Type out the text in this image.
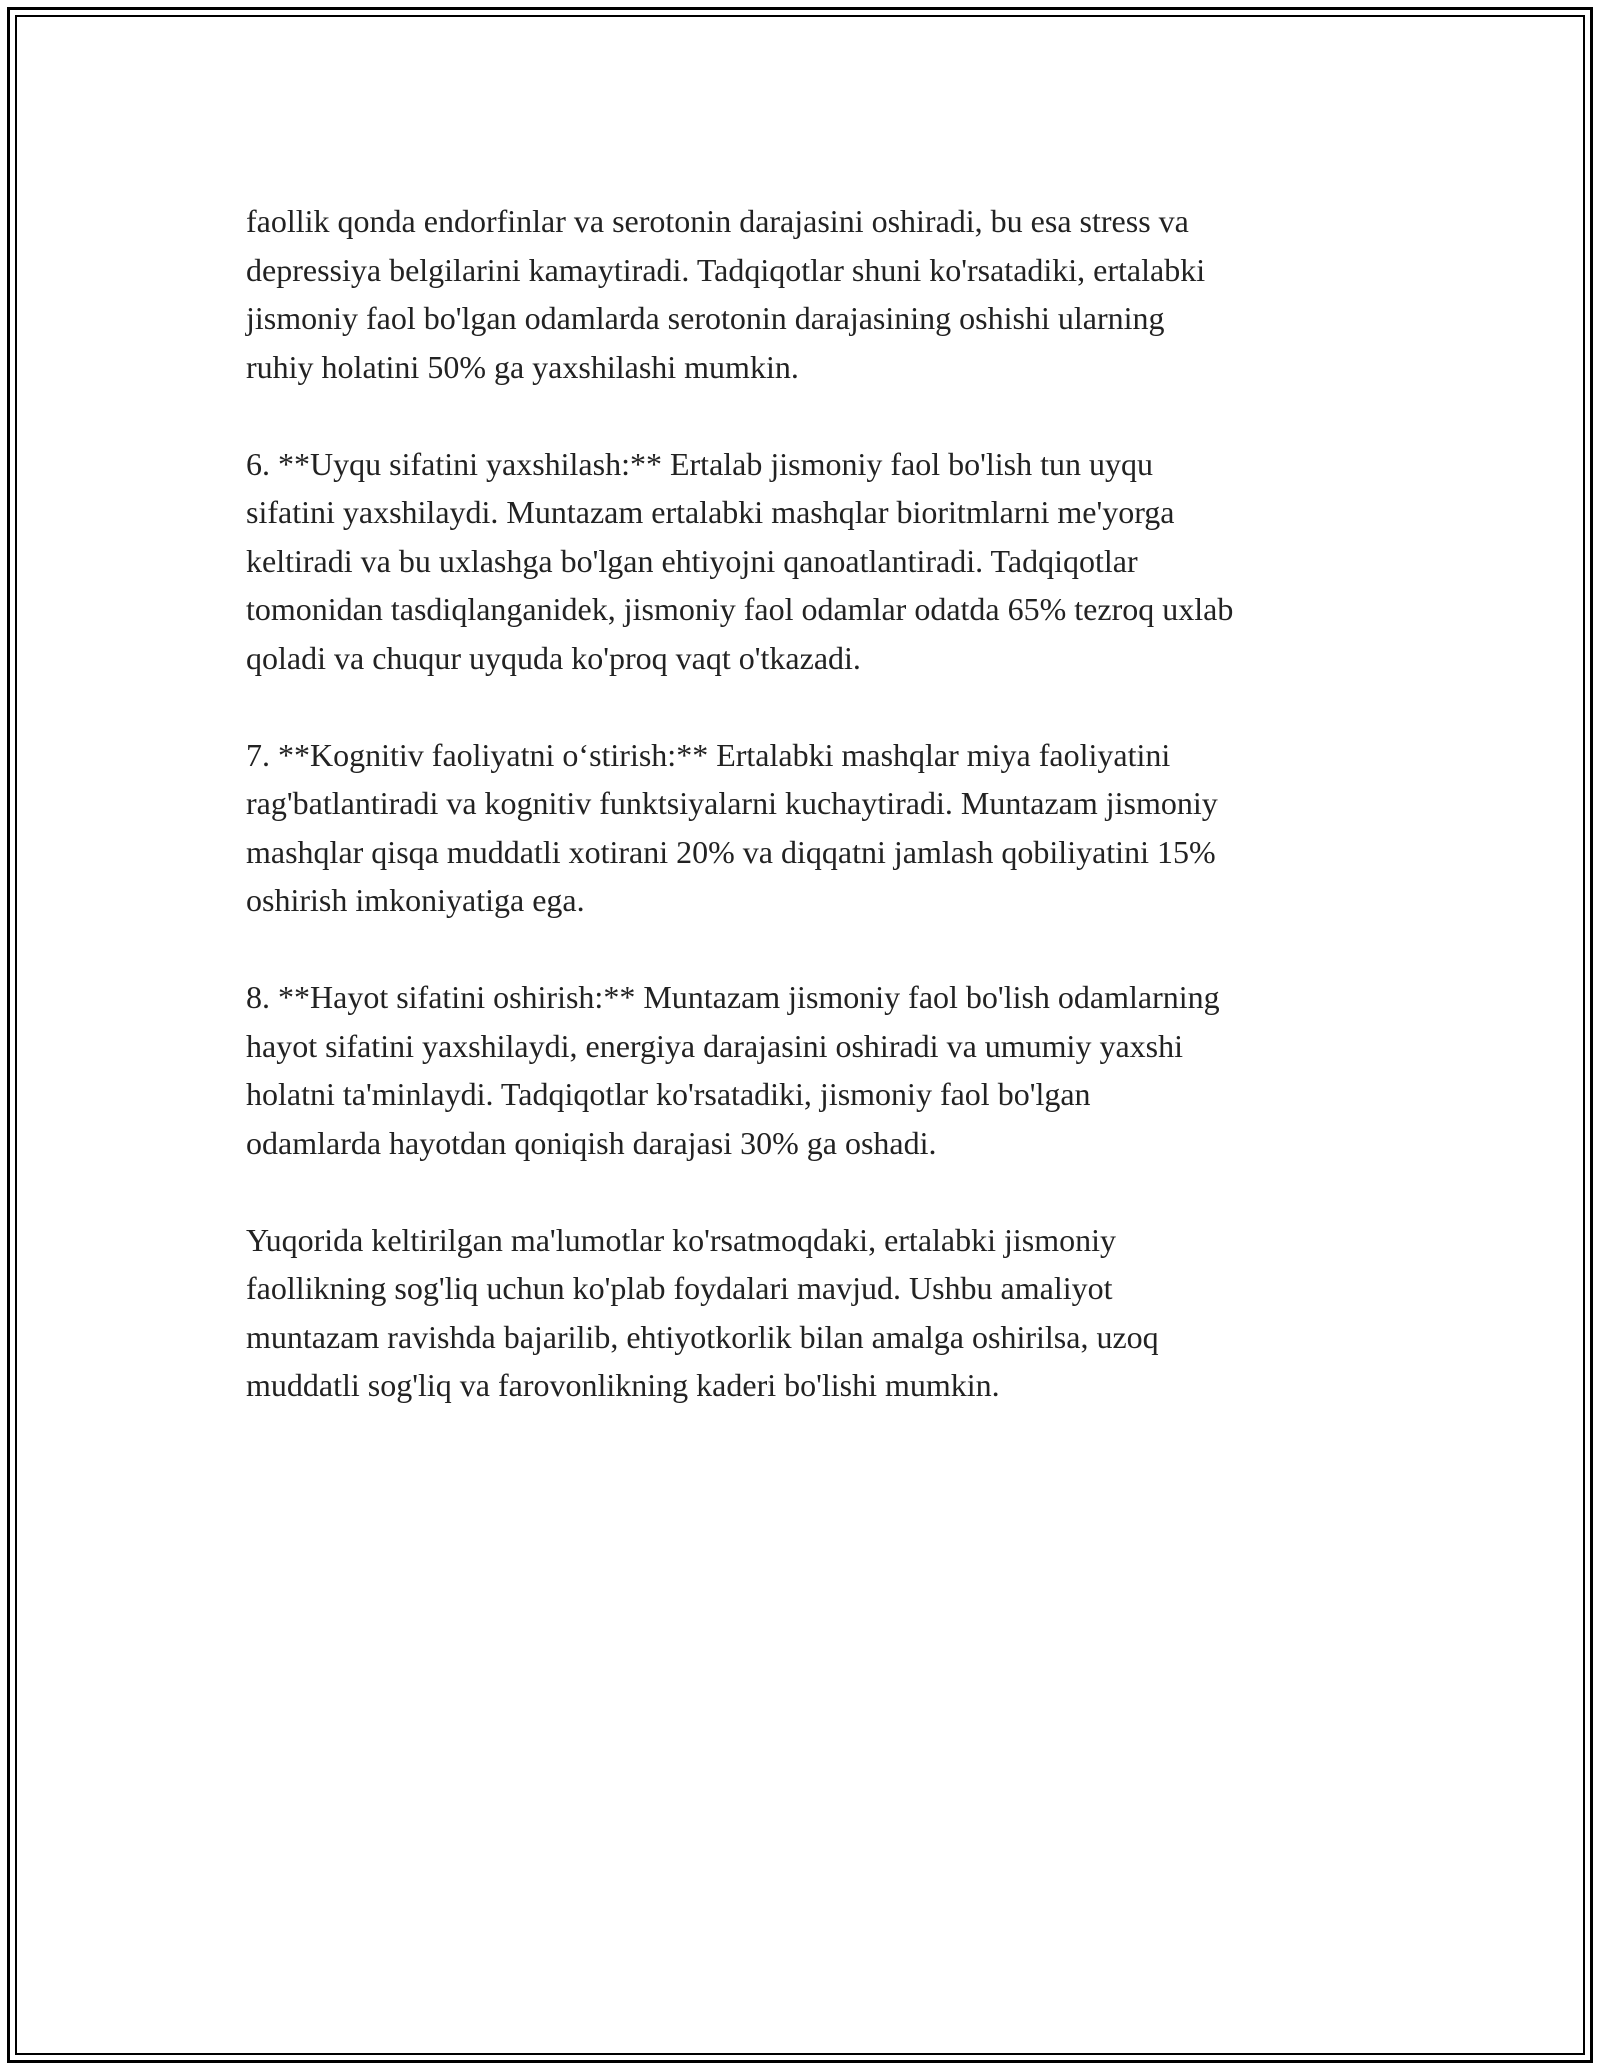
faollik qonda endorfinlar va serotonin darajasini oshiradi, bu esa stress va
depressiya belgilarini kamaytiradi. Tadqiqotlar shuni ko'rsatadiki, ertalabki
jismoniy faol bo'lgan odamlarda serotonin darajasining oshishi ularning
ruhiy holatini 50% ga yaxshilashi mumkin.

6. **Uyqu sifatini yaxshilash:** Ertalab jismoniy faol bo'lish tun uyqu
sifatini yaxshilaydi. Muntazam ertalabki mashqlar bioritmlarni me'yorga
keltiradi va bu uxlashga bo'lgan ehtiyojni qanoatlantiradi. Tadqiqotlar
tomonidan tasdiqlanganidek, jismoniy faol odamlar odatda 65% tezroq uxlab
qoladi va chuqur uyquda ko'proq vaqt o'tkazadi.

7. **Kognitiv faoliyatni o‘stirish:** Ertalabki mashqlar miya faoliyatini
rag'batlantiradi va kognitiv funktsiyalarni kuchaytiradi. Muntazam jismoniy
mashqlar qisqa muddatli xotirani 20% va diqqatni jamlash qobiliyatini 15%
oshirish imkoniyatiga ega.

8. **Hayot sifatini oshirish:** Muntazam jismoniy faol bo'lish odamlarning
hayot sifatini yaxshilaydi, energiya darajasini oshiradi va umumiy yaxshi
holatni ta'minlaydi. Tadqiqotlar ko'rsatadiki, jismoniy faol bo'lgan
odamlarda hayotdan qoniqish darajasi 30% ga oshadi.

Yuqorida keltirilgan ma'lumotlar ko'rsatmoqdaki, ertalabki jismoniy
faollikning sog'liq uchun ko'plab foydalari mavjud. Ushbu amaliyot
muntazam ravishda bajarilib, ehtiyotkorlik bilan amalga oshirilsa, uzoq
muddatli sog'liq va farovonlikning kaderi bo'lishi mumkin.
